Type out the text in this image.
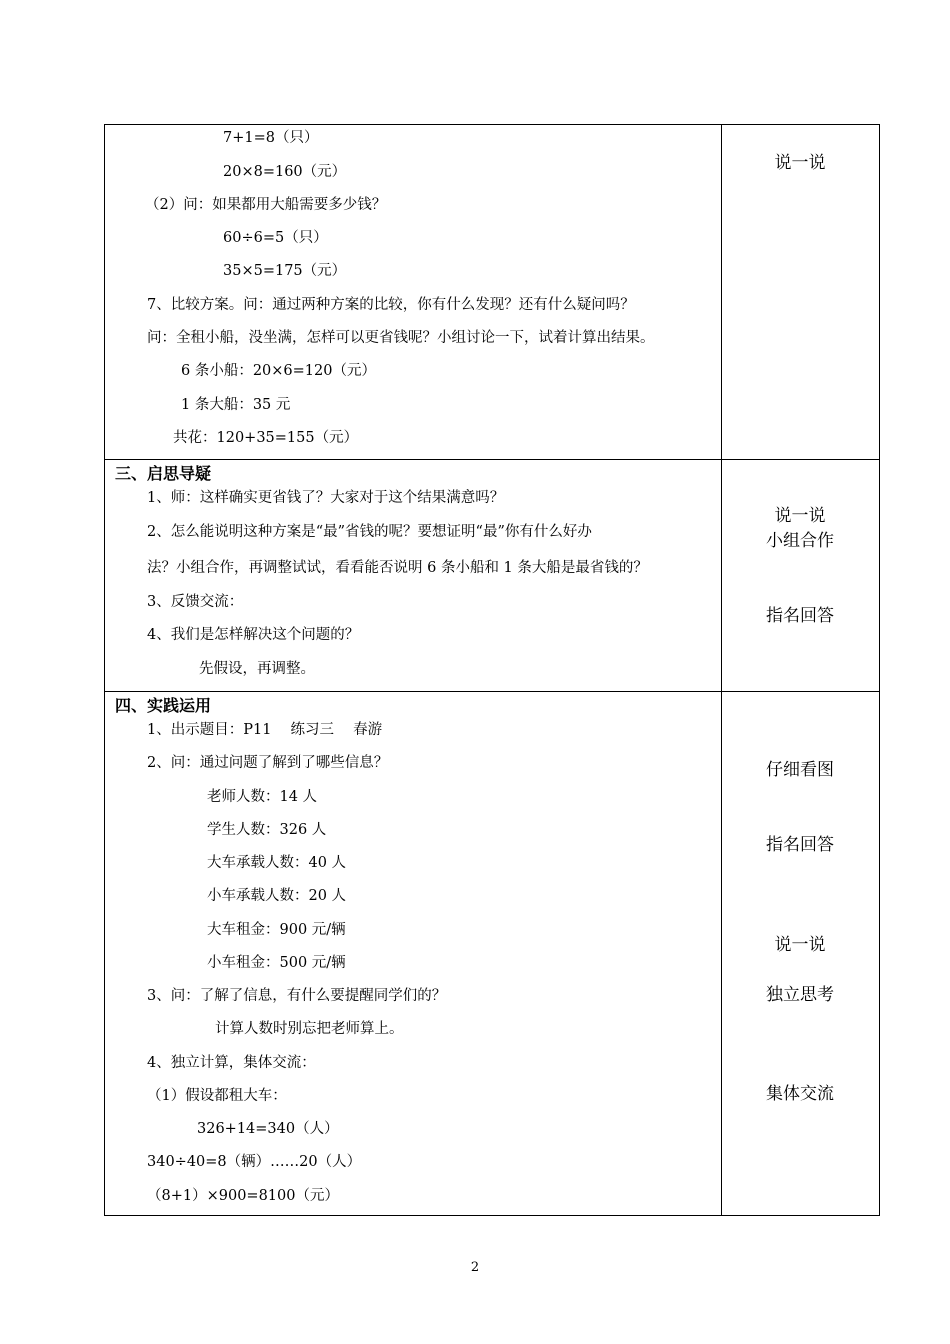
7+1=8（只）
20×8=160（元）
（2）问：如果都用大船需要多少钱？
60÷6=5（只）
35×5=175（元）
7、比较方案。问：通过两种方案的比较，你有什么发现？还有什么疑问吗？
问：全租小船，没坐满，怎样可以更省钱呢？小组讨论一下，试着计算出结果。
6 条小船：20×6=120（元）
1 条大船：35 元
共花：120+35=155（元）
说一说
三、启思导疑
1、师：这样确实更省钱了？大家对于这个结果满意吗？
2、怎么能说明这种方案是“最”省钱的呢？要想证明“最”你有什么好办
法？小组合作，再调整试试，看看能否说明 6 条小船和 1 条大船是最省钱的？
3、反馈交流：
4、我们是怎样解决这个问题的？
先假设，再调整。
说一说
小组合作
指名回答
四、实践运用
1、出示题目：P11　 练习三　 春游
2、问：通过问题了解到了哪些信息？
老师人数：14 人
学生人数：326 人
大车承载人数：40 人
小车承载人数：20 人
大车租金：900 元/辆
小车租金：500 元/辆
3、问：了解了信息，有什么要提醒同学们的？
计算人数时别忘把老师算上。
4、独立计算，集体交流：
（1）假设都租大车：
326+14=340（人）
340÷40=8（辆）……20（人）
（8+1）×900=8100（元）
仔细看图
指名回答
说一说
独立思考
集体交流
2
